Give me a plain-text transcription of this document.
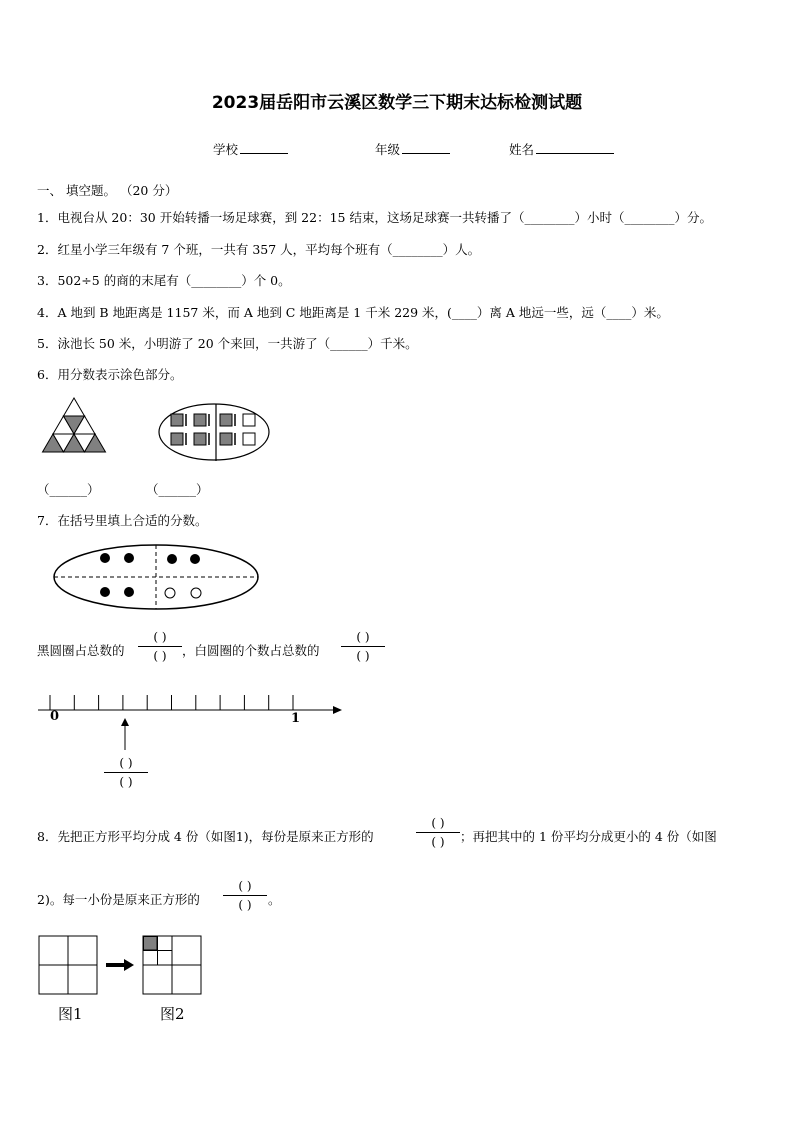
2023届岳阳市云溪区数学三下期末达标检测试题
学校	年级	姓名
一、 填空题。 （20 分）
1．电视台从 20：30 开始转播一场足球赛，到 22：15 结束，这场足球赛一共转播了（________）小时（________）分。
2．红星小学三年级有 7 个班，一共有 357 人，平均每个班有（________）人。
3．502÷5 的商的末尾有（________）个 0。
4．A 地到 B 地距离是 1157 米，而 A 地到 C 地距离是 1 千米 229 米，(____）离 A 地远一些，远（____）米。
5．泳池长 50 米，小明游了 20 个来回，一共游了（______）千米。
6．用分数表示涂色部分。
（______）	（______）
7．在括号里填上合适的分数。
黑圆圈占总数的
( )
( )	，白圆圈的个数占总数的
( )
( )
0	1
( )
( )
8．先把正方形平均分成 4 份（如图1)，每份是原来正方形的
( )
( )	；再把其中的 1 份平均分成更小的 4 份（如图
2)。每一小份是原来正方形的
( )
( )	。
图1	图2
